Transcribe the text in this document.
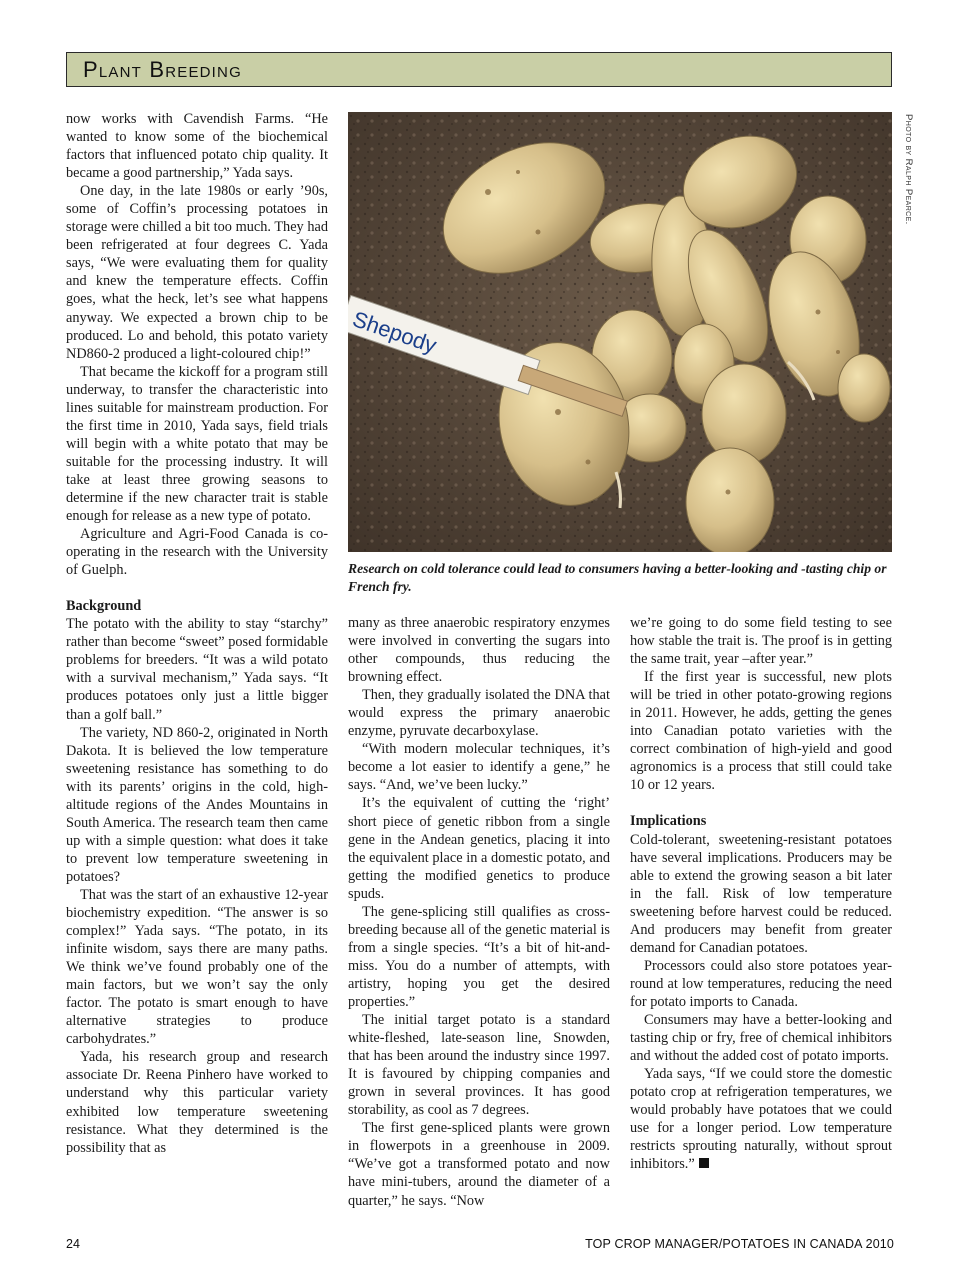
Plant Breeding

now works with Cavendish Farms. “He wanted to know some of the biochemical factors that influenced potato chip quality. It became a good partnership,” Yada says.

One day, in the late 1980s or early ’90s, some of Coffin’s processing potatoes in storage were chilled a bit too much. They had been refrigerated at four degrees C. Yada says, “We were evaluating them for quality and knew the temperature effects. Coffin goes, what the heck, let’s see what happens anyway. We expected a brown chip to be produced. Lo and behold, this potato variety ND860-2 produced a light-coloured chip!”

That became the kickoff for a program still underway, to transfer the characteristic into lines suitable for mainstream production. For the first time in 2010, Yada says, field trials will begin with a white potato that may be suitable for the processing industry. It will take at least three growing seasons to determine if the new character trait is stable enough for release as a new type of potato.

Agriculture and Agri-Food Canada is co-operating in the research with the University of Guelph.

Background

The potato with the ability to stay “starchy” rather than become “sweet” posed formidable problems for breeders. “It was a wild potato with a survival mechanism,” Yada says. “It produces potatoes only just a little bigger than a golf ball.”

The variety, ND 860-2, originated in North Dakota. It is believed the low temperature sweetening resistance has something to do with its parents’ origins in the cold, high-altitude regions of the Andes Mountains in South America. The research team then came up with a simple question: what does it take to prevent low temperature sweetening in potatoes?

That was the start of an exhaustive 12-year biochemistry expedition. “The answer is so complex!” Yada says. “The potato, in its infinite wisdom, says there are many paths. We think we’ve found probably one of the main factors, but we won’t say the only factor. The potato is smart enough to have alternative strategies to produce carbohydrates.”

Yada, his research group and research associate Dr. Reena Pinhero have worked to understand why this particular variety exhibited low temperature sweetening resistance. What they determined is the possibility that as

Shepody
Photo by Ralph Pearce.
Research on cold tolerance could lead to consumers having a better-looking and -tasting chip or French fry.

many as three anaerobic respiratory enzymes were involved in converting the sugars into other compounds, thus reducing the browning effect.

Then, they gradually isolated the DNA that would express the primary anaerobic enzyme, pyruvate decarboxylase.

“With modern molecular techniques, it’s become a lot easier to identify a gene,” he says. “And, we’ve been lucky.”

It’s the equivalent of cutting the ‘right’ short piece of genetic ribbon from a single gene in the Andean genetics, placing it into the equivalent place in a domestic potato, and getting the modified genetics to produce spuds.

The gene-splicing still qualifies as cross-breeding because all of the genetic material is from a single species. “It’s a bit of hit-and-miss. You do a number of attempts, with artistry, hoping you get the desired properties.”

The initial target potato is a standard white-fleshed, late-season line, Snowden, that has been around the industry since 1997. It is favoured by chipping companies and grown in several provinces. It has good storability, as cool as 7 degrees.

The first gene-spliced plants were grown in flowerpots in a greenhouse in 2009. “We’ve got a transformed potato and now have mini-tubers, around the diameter of a quarter,” he says. “Now

we’re going to do some field testing to see how stable the trait is. The proof is in getting the same trait, year –after year.”

If the first year is successful, new plots will be tried in other potato-growing regions in 2011. However, he adds, getting the genes into Canadian potato varieties with the correct combination of high-yield and good agronomics is a process that still could take 10 or 12 years.

Implications

Cold-tolerant, sweetening-resistant potatoes have several implications. Producers may be able to extend the growing season a bit later in the fall. Risk of low temperature sweetening before harvest could be reduced. And producers may benefit from greater demand for Canadian potatoes.

Processors could also store potatoes year-round at low temperatures, reducing the need for potato imports to Canada.

Consumers may have a better-looking and tasting chip or fry, free of chemical inhibitors and without the added cost of potato imports.

Yada says, “If we could store the domestic potato crop at refrigeration temperatures, we would probably have potatoes that we could use for a longer period. Low temperature restricts sprouting naturally, without sprout inhibitors.”

24	TOP CROP MANAGER/POTATOES IN CANADA 2010
